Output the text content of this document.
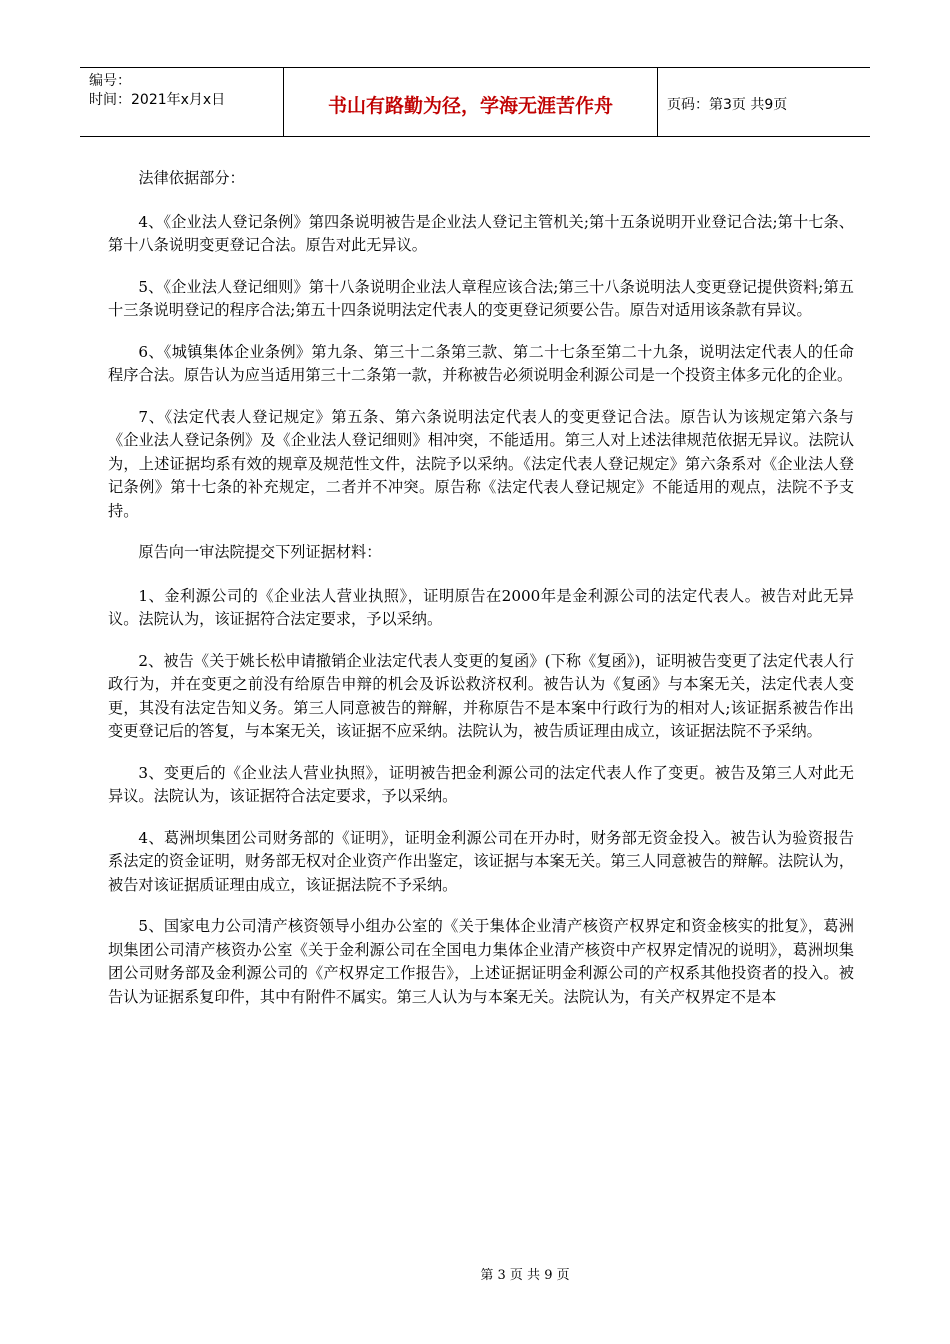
编号：
时间：2021年x月x日	书山有路勤为径，学海无涯苦作舟	页码：第3页 共9页

法律依据部分：

4、《企业法人登记条例》第四条说明被告是企业法人登记主管机关;第十五条说明开业登记合法;第十七条、第十八条说明变更登记合法。原告对此无异议。

5、《企业法人登记细则》第十八条说明企业法人章程应该合法;第三十八条说明法人变更登记提供资料;第五十三条说明登记的程序合法;第五十四条说明法定代表人的变更登记须要公告。原告对适用该条款有异议。

6、《城镇集体企业条例》第九条、第三十二条第三款、第二十七条至第二十九条，说明法定代表人的任命程序合法。原告认为应当适用第三十二条第一款，并称被告必须说明金利源公司是一个投资主体多元化的企业。

7、《法定代表人登记规定》第五条、第六条说明法定代表人的变更登记合法。原告认为该规定第六条与《企业法人登记条例》及《企业法人登记细则》相冲突，不能适用。第三人对上述法律规范依据无异议。法院认为，上述证据均系有效的规章及规范性文件，法院予以采纳。《法定代表人登记规定》第六条系对《企业法人登记条例》第十七条的补充规定，二者并不冲突。原告称《法定代表人登记规定》不能适用的观点，法院不予支持。

原告向一审法院提交下列证据材料：

1、金利源公司的《企业法人营业执照》，证明原告在2000年是金利源公司的法定代表人。被告对此无异议。法院认为，该证据符合法定要求，予以采纳。

2、被告《关于姚长松申请撤销企业法定代表人变更的复函》(下称《复函》)，证明被告变更了法定代表人行政行为，并在变更之前没有给原告申辩的机会及诉讼救济权利。被告认为《复函》与本案无关，法定代表人变更，其没有法定告知义务。第三人同意被告的辩解，并称原告不是本案中行政行为的相对人;该证据系被告作出变更登记后的答复，与本案无关，该证据不应采纳。法院认为，被告质证理由成立，该证据法院不予采纳。

3、变更后的《企业法人营业执照》，证明被告把金利源公司的法定代表人作了变更。被告及第三人对此无异议。法院认为，该证据符合法定要求，予以采纳。

4、葛洲坝集团公司财务部的《证明》，证明金利源公司在开办时，财务部无资金投入。被告认为验资报告系法定的资金证明，财务部无权对企业资产作出鉴定，该证据与本案无关。第三人同意被告的辩解。法院认为，被告对该证据质证理由成立，该证据法院不予采纳。

5、国家电力公司清产核资领导小组办公室的《关于集体企业清产核资产权界定和资金核实的批复》，葛洲坝集团公司清产核资办公室《关于金利源公司在全国电力集体企业清产核资中产权界定情况的说明》，葛洲坝集团公司财务部及金利源公司的《产权界定工作报告》，上述证据证明金利源公司的产权系其他投资者的投入。被告认为证据系复印件，其中有附件不属实。第三人认为与本案无关。法院认为，有关产权界定不是本

第 3 页 共 9 页
